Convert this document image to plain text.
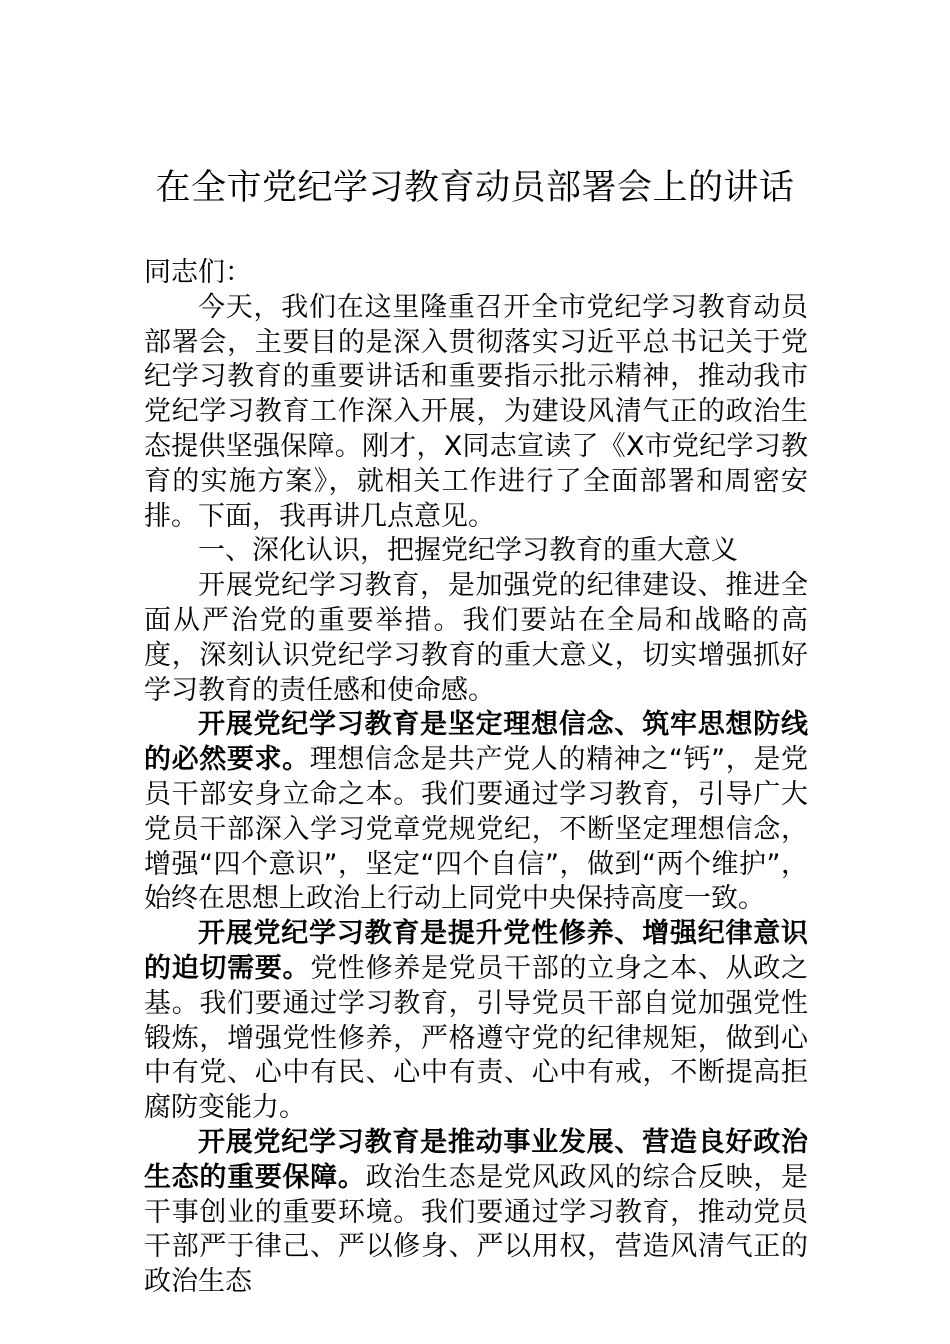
在全市党纪学习教育动员部署会上的讲话

同志们：

今天，我们在这里隆重召开全市党纪学习教育动员部署会，主要目的是深入贯彻落实习近平总书记关于党纪学习教育的重要讲话和重要指示批示精神，推动我市党纪学习教育工作深入开展，为建设风清气正的政治生态提供坚强保障。刚才，X同志宣读了《X市党纪学习教育的实施方案》，就相关工作进行了全面部署和周密安排。下面，我再讲几点意见。

一、深化认识，把握党纪学习教育的重大意义

开展党纪学习教育，是加强党的纪律建设、推进全面从严治党的重要举措。我们要站在全局和战略的高度，深刻认识党纪学习教育的重大意义，切实增强抓好学习教育的责任感和使命感。

开展党纪学习教育是坚定理想信念、筑牢思想防线的必然要求。理想信念是共产党人的精神之“钙”，是党员干部安身立命之本。我们要通过学习教育，引导广大党员干部深入学习党章党规党纪，不断坚定理想信念，增强“四个意识”，坚定“四个自信”，做到“两个维护”，始终在思想上政治上行动上同党中央保持高度一致。

开展党纪学习教育是提升党性修养、增强纪律意识的迫切需要。党性修养是党员干部的立身之本、从政之基。我们要通过学习教育，引导党员干部自觉加强党性锻炼，增强党性修养，严格遵守党的纪律规矩，做到心中有党、心中有民、心中有责、心中有戒，不断提高拒腐防变能力。

开展党纪学习教育是推动事业发展、营造良好政治生态的重要保障。政治生态是党风政风的综合反映，是干事创业的重要环境。我们要通过学习教育，推动党员干部严于律己、严以修身、严以用权，营造风清气正的政治生态
